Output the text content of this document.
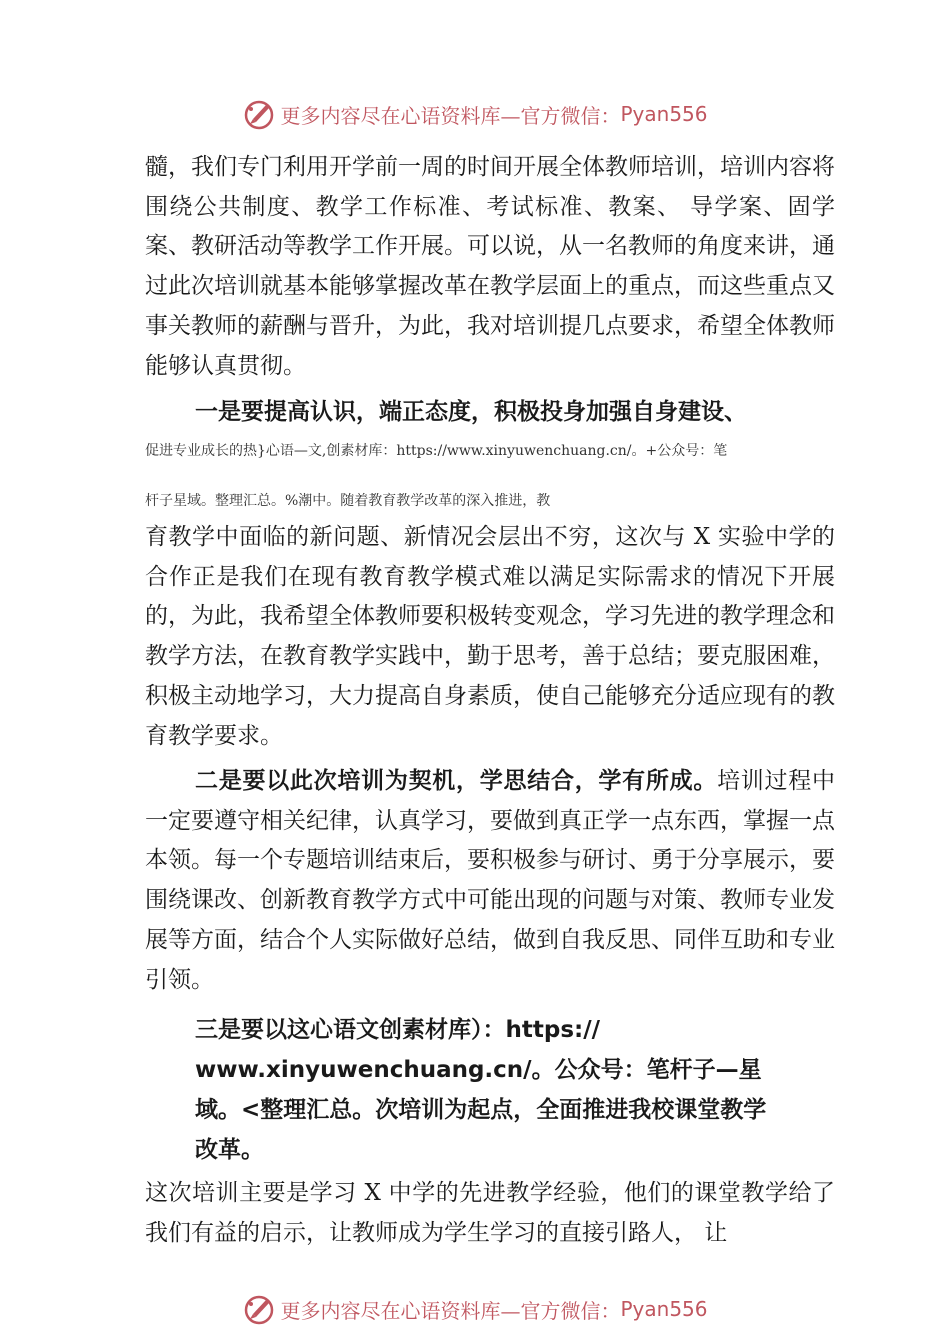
更多内容尽在心语资料库—官方微信： Pyan556

髓，我们专门利用开学前一周的时间开展全体教师培训，培训内容将围绕公共制度、教学工作标准、考试标准、教案、 导学案、固学案、教研活动等教学工作开展。可以说，从一名教师的角度来讲，通过此次培训就基本能够掌握改革在教学层面上的重点，而这些重点又事关教师的薪酬与晋升，为此，我对培训提几点要求，希望全体教师能够认真贯彻。

一是要提高认识，端正态度，积极投身加强自身建设、

促进专业成长的热}心语—文,创素材库：https://www.xinyuwenchuang.cn/。+公众号：笔

杆子星域。整理汇总。%潮中。随着教育教学改革的深入推进，教

育教学中面临的新问题、新情况会层出不穷，这次与 X 实验中学的合作正是我们在现有教育教学模式难以满足实际需求的情况下开展的，为此，我希望全体教师要积极转变观念，学习先进的教学理念和教学方法，在教育教学实践中，勤于思考，善于总结；要克服困难，积极主动地学习，大力提高自身素质，使自己能够充分适应现有的教育教学要求。

二是要以此次培训为契机，学思结合，学有所成。培训过程中一定要遵守相关纪律，认真学习，要做到真正学一点东西，掌握一点本领。每一个专题培训结束后，要积极参与研讨、勇于分享展示，要围绕课改、创新教育教学方式中可能出现的问题与对策、教师专业发展等方面，结合个人实际做好总结，做到自我反思、同伴互助和专业引领。

三是要以这心语文创素材库）：https://

www.xinyuwenchuang.cn/。公众号：笔杆子—星

域。<整理汇总。次培训为起点，全面推进我校课堂教学

改革。

这次培训主要是学习 X 中学的先进教学经验，他们的课堂教学给了我们有益的启示，让教师成为学生学习的直接引路人， 让

更多内容尽在心语资料库—官方微信： Pyan556
